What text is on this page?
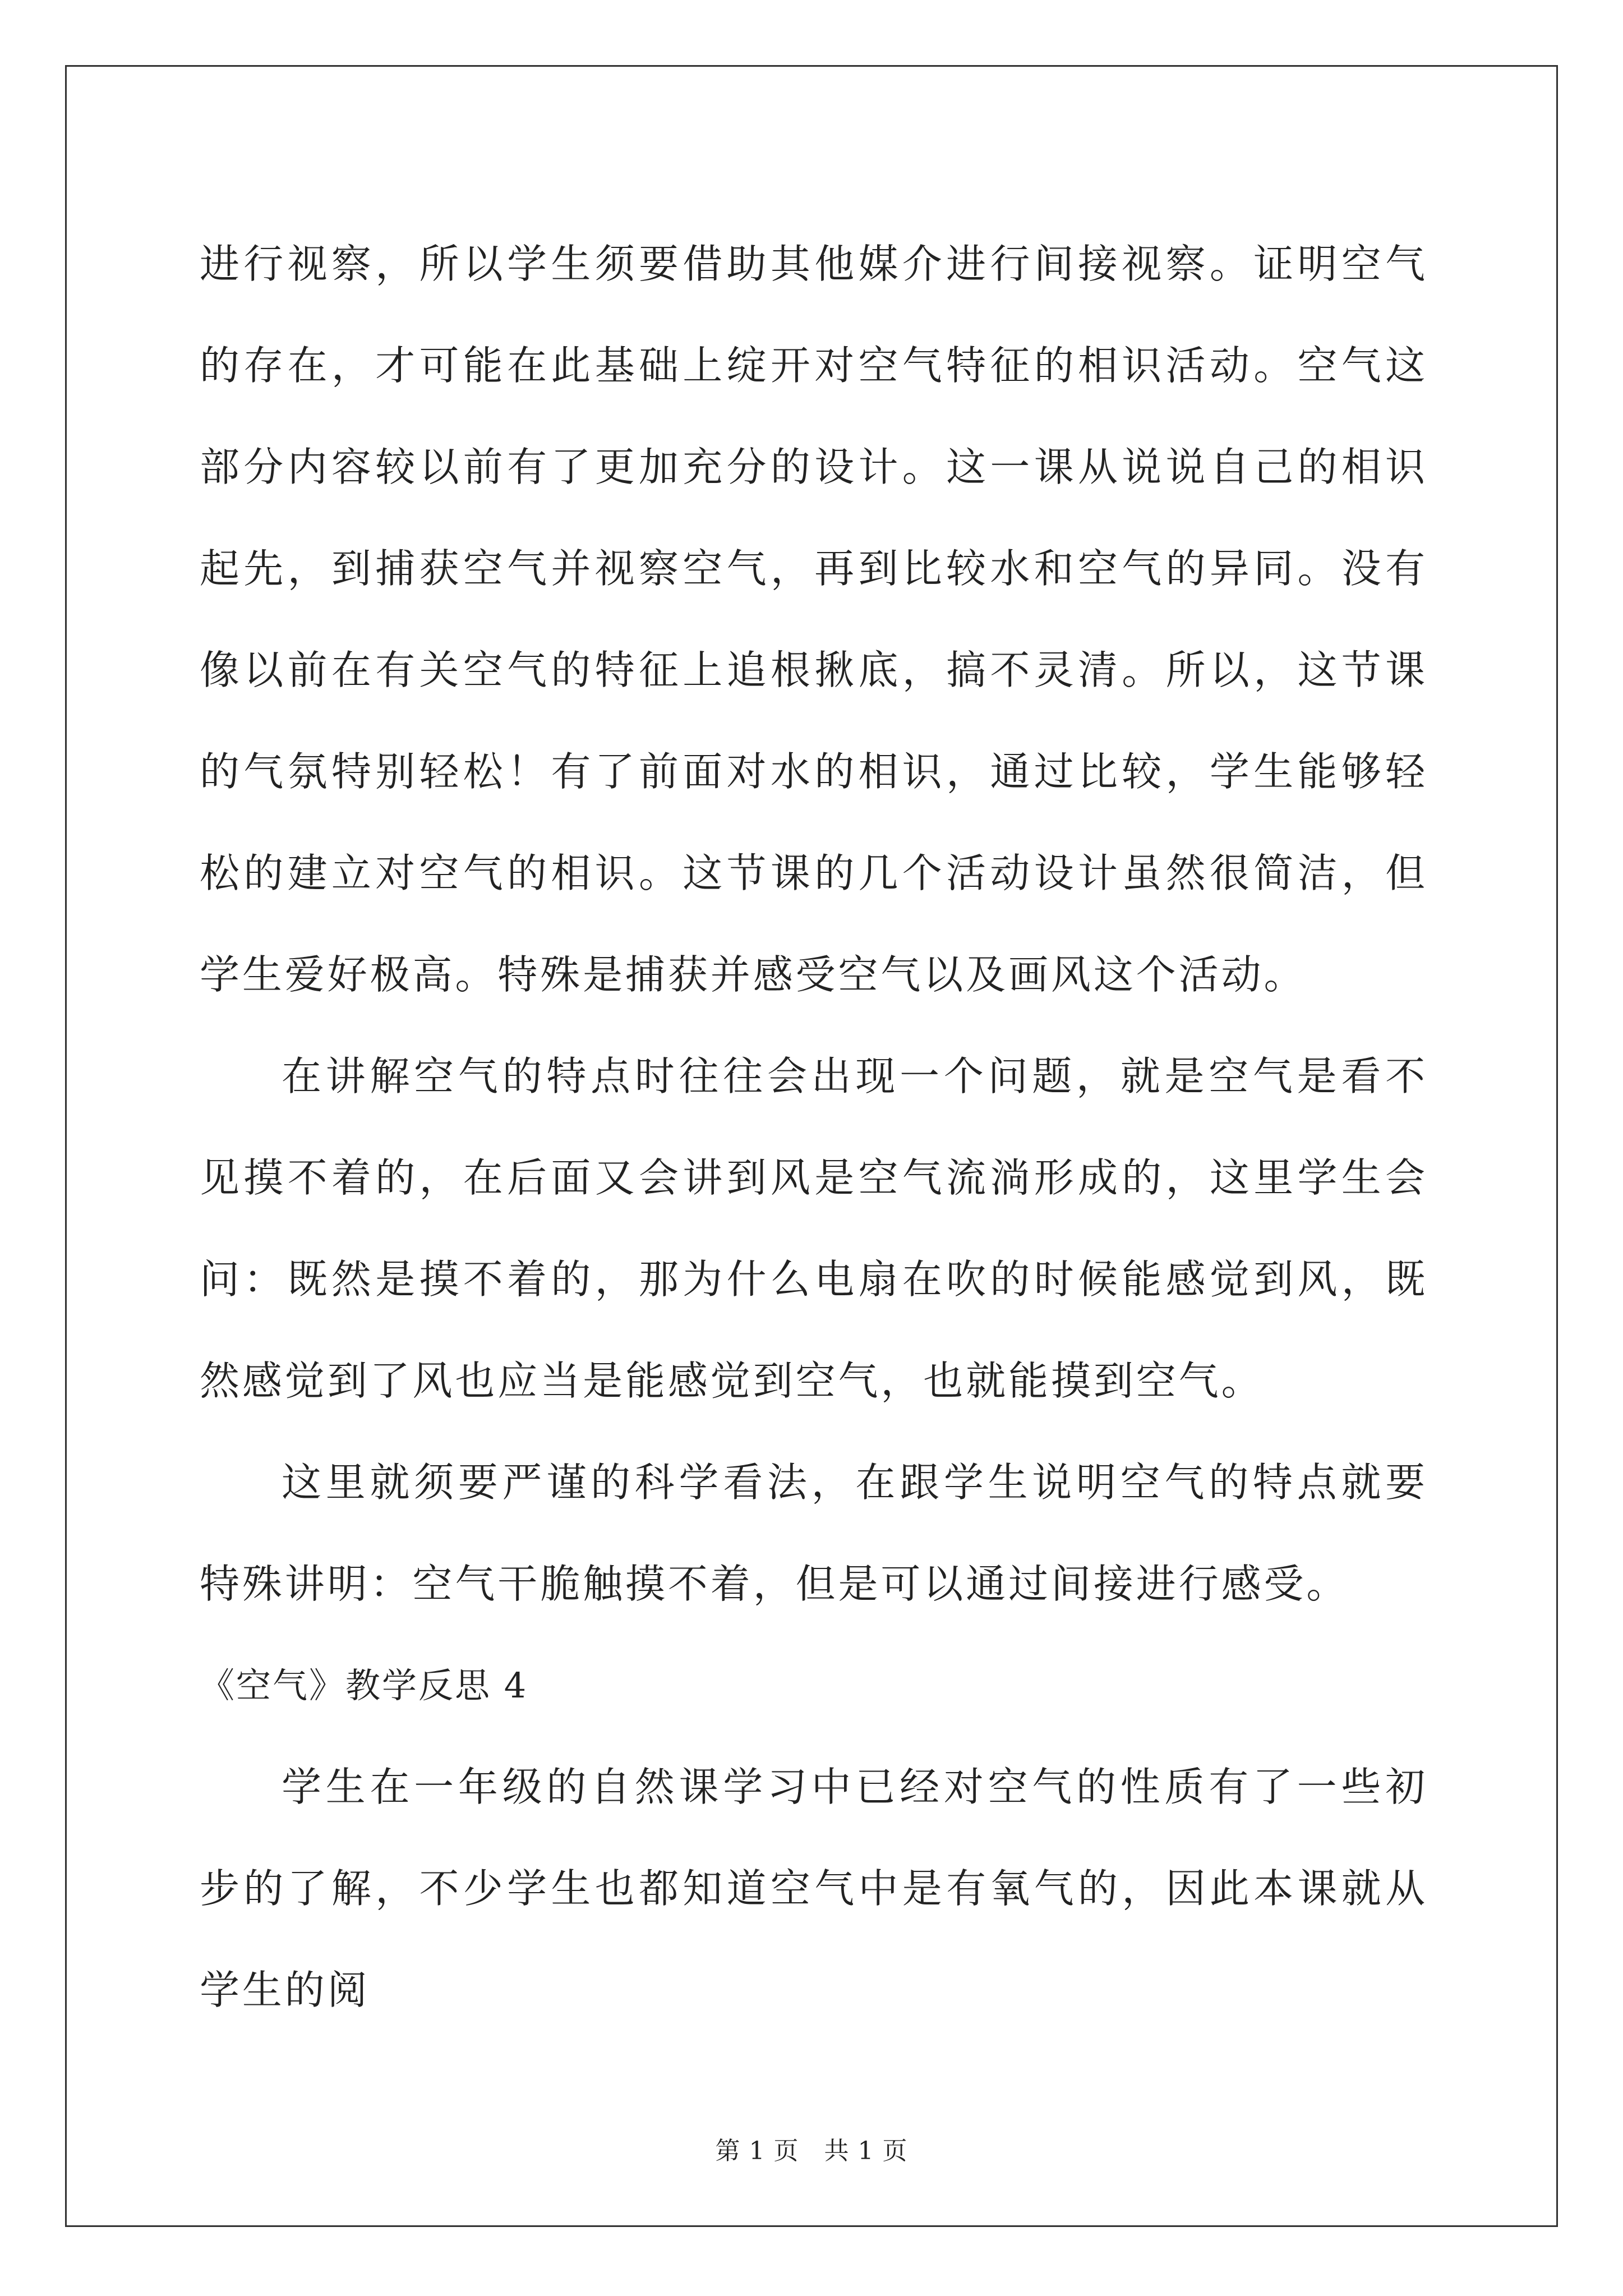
进行视察，所以学生须要借助其他媒介进行间接视察。证明空气的存在，才可能在此基础上绽开对空气特征的相识活动。空气这部分内容较以前有了更加充分的设计。这一课从说说自己的相识起先，到捕获空气并视察空气，再到比较水和空气的异同。没有像以前在有关空气的特征上追根揪底，搞不灵清。所以，这节课的气氛特别轻松！有了前面对水的相识，通过比较，学生能够轻松的建立对空气的相识。这节课的几个活动设计虽然很简洁，但学生爱好极高。特殊是捕获并感受空气以及画风这个活动。

在讲解空气的特点时往往会出现一个问题，就是空气是看不见摸不着的，在后面又会讲到风是空气流淌形成的，这里学生会问：既然是摸不着的，那为什么电扇在吹的时候能感觉到风，既然感觉到了风也应当是能感觉到空气，也就能摸到空气。

这里就须要严谨的科学看法，在跟学生说明空气的特点就要特殊讲明：空气干脆触摸不着，但是可以通过间接进行感受。

《空气》教学反思 4

学生在一年级的自然课学习中已经对空气的性质有了一些初步的了解，不少学生也都知道空气中是有氧气的，因此本课就从学生的阅

第 1 页　共 1 页
